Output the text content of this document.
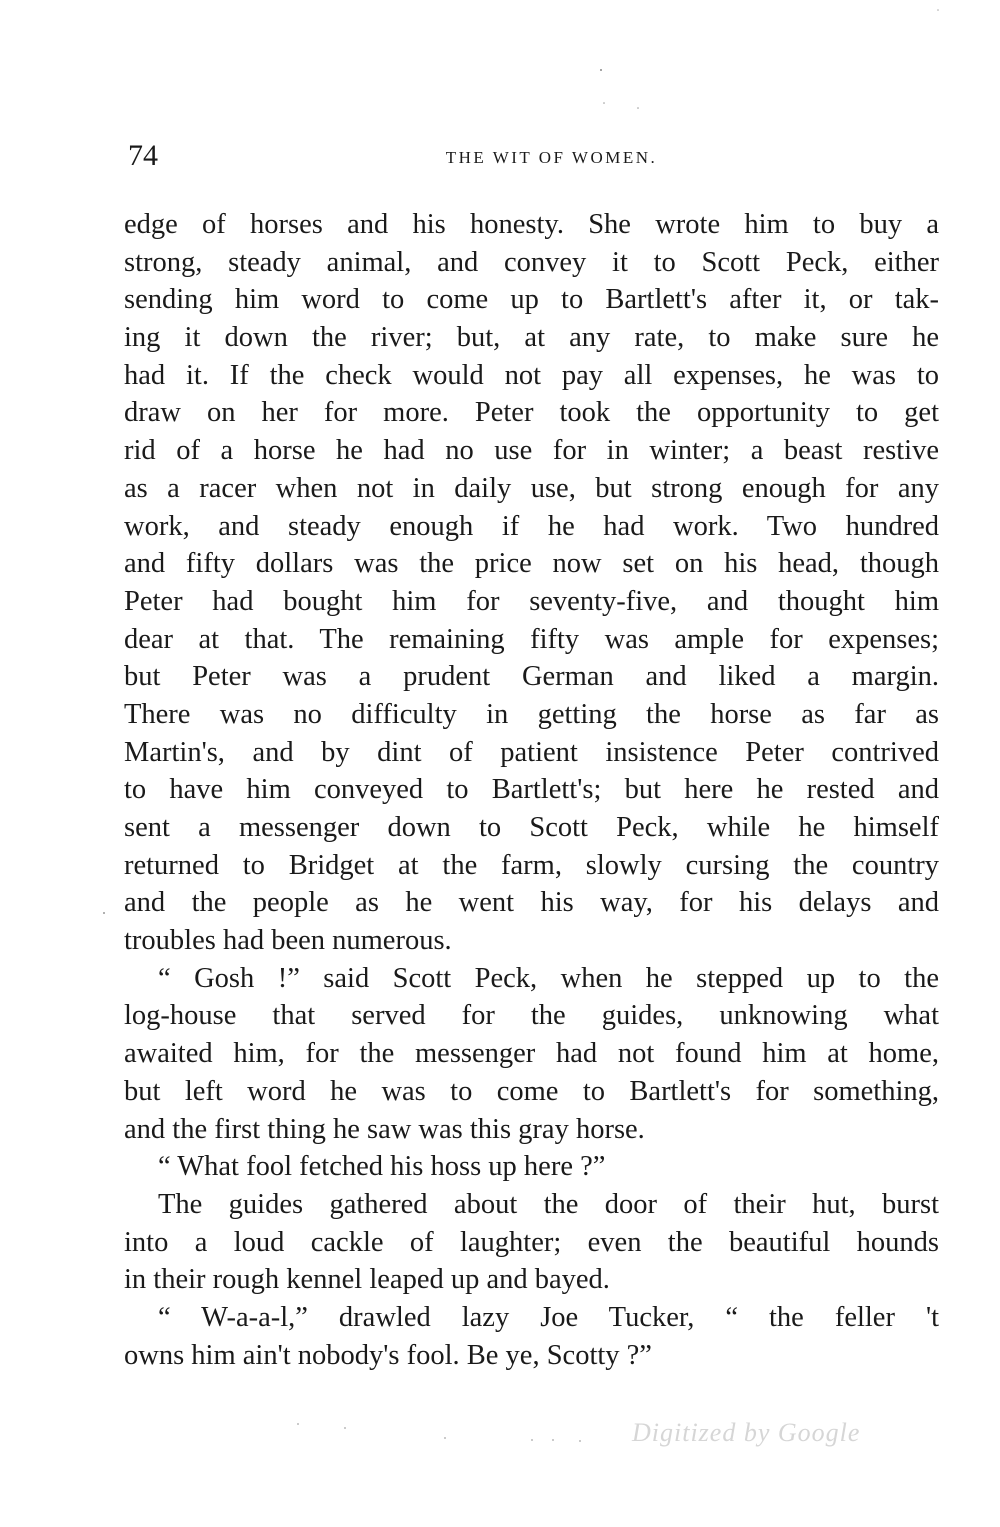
74	THE WIT OF WOMEN.
edge of horses and his honesty. She wrote him to buy a
strong, steady animal, and convey it to Scott Peck, either
sending him word to come up to Bartlett's after it, or tak-
ing it down the river; but, at any rate, to make sure he
had it. If the check would not pay all expenses, he was to
draw on her for more. Peter took the opportunity to get
rid of a horse he had no use for in winter; a beast restive
as a racer when not in daily use, but strong enough for any
work, and steady enough if he had work. Two hundred
and fifty dollars was the price now set on his head, though
Peter had bought him for seventy-five, and thought him
dear at that. The remaining fifty was ample for expenses;
but Peter was a prudent German and liked a margin.
There was no difficulty in getting the horse as far as
Martin's, and by dint of patient insistence Peter contrived
to have him conveyed to Bartlett's; but here he rested and
sent a messenger down to Scott Peck, while he himself
returned to Bridget at the farm, slowly cursing the country
and the people as he went his way, for his delays and
troubles had been numerous.
“ Gosh !” said Scott Peck, when he stepped up to the
log-house that served for the guides, unknowing what
awaited him, for the messenger had not found him at home,
but left word he was to come to Bartlett's for something,
and the first thing he saw was this gray horse.
“ What fool fetched his hoss up here ?”
The guides gathered about the door of their hut, burst
into a loud cackle of laughter; even the beautiful hounds
in their rough kennel leaped up and bayed.
“ W-a-a-l,” drawled lazy Joe Tucker, “ the feller 't
owns him ain't nobody's fool. Be ye, Scotty ?”
Digitized by Google
